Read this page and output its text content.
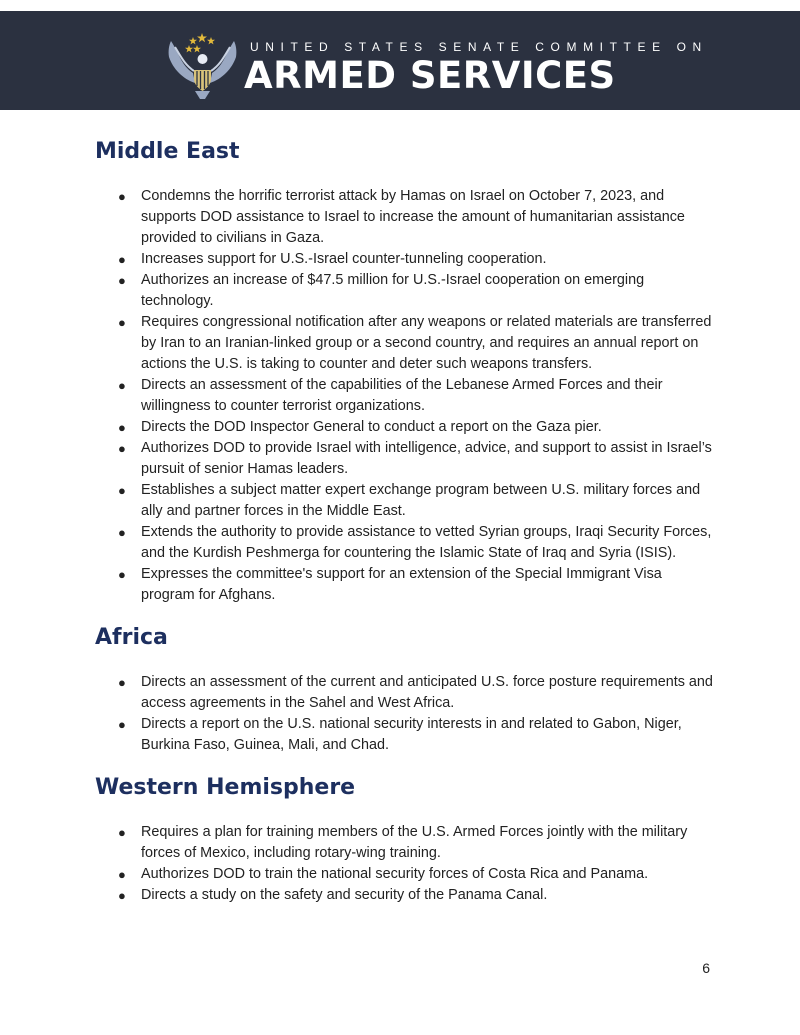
UNITED STATES SENATE COMMITTEE ON
ARMED SERVICES
Middle East
● Condemns the horrific terrorist attack by Hamas on Israel on October 7, 2023, and supports DOD assistance to Israel to increase the amount of humanitarian assistance provided to civilians in Gaza.
● Increases support for U.S.-Israel counter-tunneling cooperation.
● Authorizes an increase of $47.5 million for U.S.-Israel cooperation on emerging technology.
● Requires congressional notification after any weapons or related materials are transferred by Iran to an Iranian-linked group or a second country, and requires an annual report on actions the U.S. is taking to counter and deter such weapons transfers.
● Directs an assessment of the capabilities of the Lebanese Armed Forces and their willingness to counter terrorist organizations.
● Directs the DOD Inspector General to conduct a report on the Gaza pier.
● Authorizes DOD to provide Israel with intelligence, advice, and support to assist in Israel’s pursuit of senior Hamas leaders.
● Establishes a subject matter expert exchange program between U.S. military forces and ally and partner forces in the Middle East.
● Extends the authority to provide assistance to vetted Syrian groups, Iraqi Security Forces, and the Kurdish Peshmerga for countering the Islamic State of Iraq and Syria (ISIS).
● Expresses the committee's support for an extension of the Special Immigrant Visa program for Afghans.
Africa
● Directs an assessment of the current and anticipated U.S. force posture requirements and access agreements in the Sahel and West Africa.
● Directs a report on the U.S. national security interests in and related to Gabon, Niger, Burkina Faso, Guinea, Mali, and Chad.
Western Hemisphere
● Requires a plan for training members of the U.S. Armed Forces jointly with the military forces of Mexico, including rotary-wing training.
● Authorizes DOD to train the national security forces of Costa Rica and Panama.
● Directs a study on the safety and security of the Panama Canal.
6
